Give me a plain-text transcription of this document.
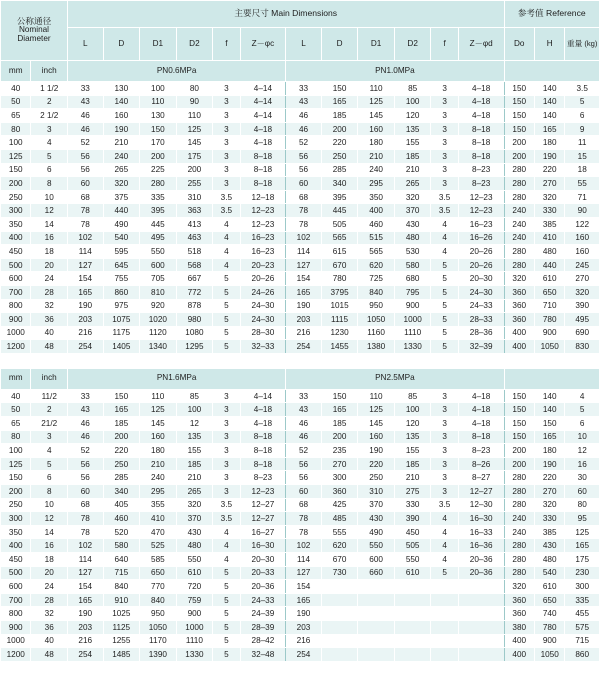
公称通径
Nominal Diameter		主要尺寸 Main Dimensions												参考值 Reference		
		L	D	D1	D2	f	Z－φc	L	D	D1	D2	f	Z－φd	Do	H	重量 (kg)
mm	inch	PN0.6MPa						PN1.0MPa								
40	1 1/2	33	130	100	80	3	4–14	33	150	110	85	3	4–18	150	140	3.5
50	2	43	140	110	90	3	4–14	43	165	125	100	3	4–18	150	140	5
65	2 1/2	46	160	130	110	3	4–14	46	185	145	120	3	4–18	150	140	6
80	3	46	190	150	125	3	4–18	46	200	160	135	3	8–18	150	165	9
100	4	52	210	170	145	3	4–18	52	220	180	155	3	8–18	200	180	11
125	5	56	240	200	175	3	8–18	56	250	210	185	3	8–18	200	190	15
150	6	56	265	225	200	3	8–18	56	285	240	210	3	8–23	280	220	18
200	8	60	320	280	255	3	8–18	60	340	295	265	3	8–23	280	270	55
250	10	68	375	335	310	3.5	12–18	68	395	350	320	3.5	12–23	280	320	71
300	12	78	440	395	363	3.5	12–23	78	445	400	370	3.5	12–23	240	330	90
350	14	78	490	445	413	4	12–23	78	505	460	430	4	16–23	240	385	122
400	16	102	540	495	463	4	16–23	102	565	515	480	4	16–26	240	410	160
450	18	114	595	550	518	4	16–23	114	615	565	530	4	20–26	280	480	160
500	20	127	645	600	568	4	20–23	127	670	620	580	5	20–26	280	440	245
600	24	154	755	705	667	5	20–26	154	780	725	680	5	20–30	320	610	270
700	28	165	860	810	772	5	24–26	165	3795	840	795	5	24–30	360	650	320
800	32	190	975	920	878	5	24–30	190	1015	950	900	5	24–33	360	710	390
900	36	203	1075	1020	980	5	24–30	203	1115	1050	1000	5	28–33	360	780	495
1000	40	216	1175	1120	1080	5	28–30	216	1230	1160	1110	5	28–36	400	900	690
1200	48	254	1405	1340	1295	5	32–33	254	1455	1380	1330	5	32–39	400	1050	830

mm	inch	PN1.6MPa						PN2.5MPa								
40	11/2	33	150	110	85	3	4–14	33	150	110	85	3	4–18	150	140	4
50	2	43	165	125	100	3	4–18	43	165	125	100	3	4–18	150	140	5
65	21/2	46	185	145	12	3	4–18	46	185	145	120	3	4–18	150	150	6
80	3	46	200	160	135	3	8–18	46	200	160	135	3	8–18	150	165	10
100	4	52	220	180	155	3	8–18	52	235	190	155	3	8–23	200	180	12
125	5	56	250	210	185	3	8–18	56	270	220	185	3	8–26	200	190	16
150	6	56	285	240	210	3	8–23	56	300	250	210	3	8–27	280	220	30
200	8	60	340	295	265	3	12–23	60	360	310	275	3	12–27	280	270	60
250	10	68	405	355	320	3.5	12–27	68	425	370	330	3.5	12–30	280	320	80
300	12	78	460	410	370	3.5	12–27	78	485	430	390	4	16–30	240	330	95
350	14	78	520	470	430	4	16–27	78	555	490	450	4	16–33	240	385	125
400	16	102	580	525	480	4	16–30	102	620	550	505	4	16–36	280	430	165
450	18	114	640	585	550	4	20–30	114	670	600	550	4	20–36	280	480	175
500	20	127	715	650	610	5	20–33	127	730	660	610	5	20–36	280	540	230
600	24	154	840	770	720	5	20–36	154						320	610	300
700	28	165	910	840	759	5	24–33	165						360	650	335
800	32	190	1025	950	900	5	24–39	190						360	740	455
900	36	203	1125	1050	1000	5	28–39	203						380	780	575
1000	40	216	1255	1170	1110	5	28–42	216						400	900	715
1200	48	254	1485	1390	1330	5	32–48	254						400	1050	860
